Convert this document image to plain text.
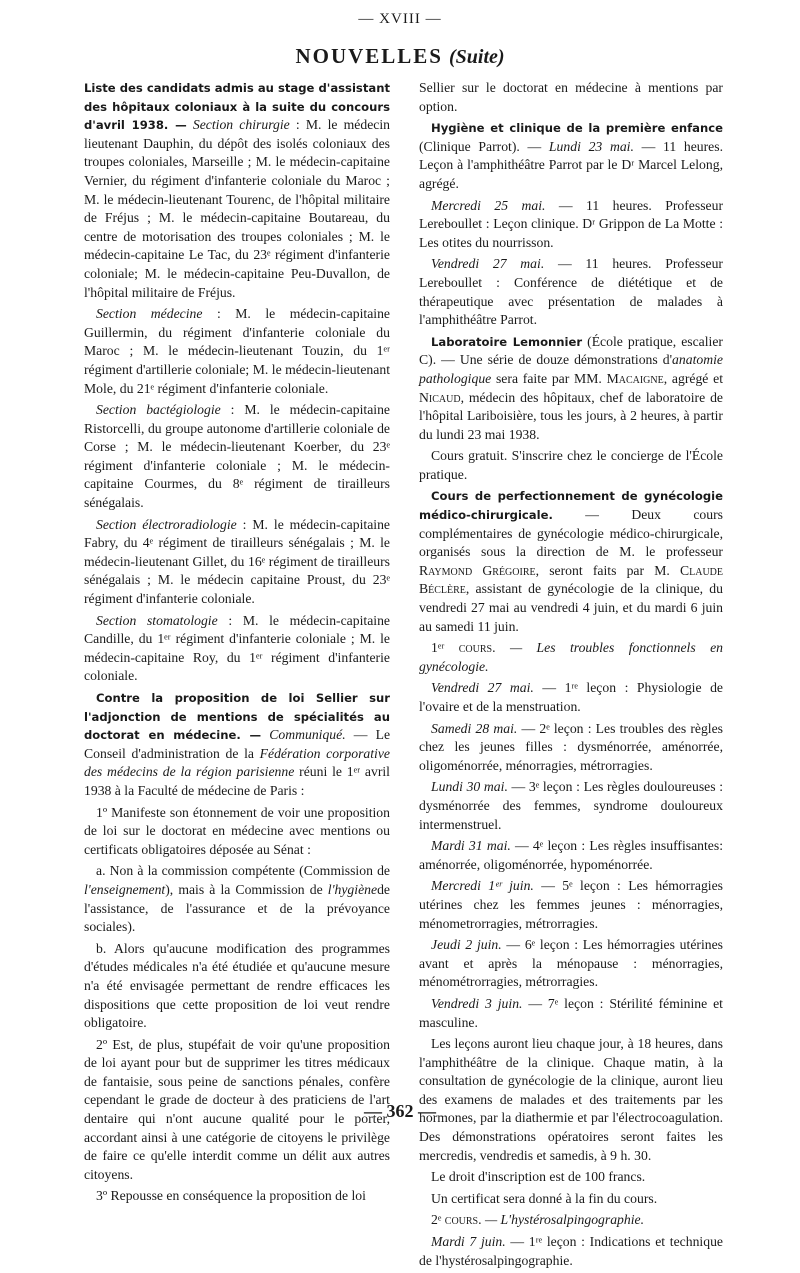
— XVIII —
NOUVELLES (Suite)

Liste des candidats admis au stage d'assistant des hôpitaux coloniaux à la suite du concours d'avril 1938. — Section chirurgie : M. le médecin lieutenant Dauphin, du dépôt des isolés coloniaux des troupes coloniales, Marseille ; M. le médecin-capitaine Vernier, du régiment d'infanterie coloniale du Maroc ; M. le médecin-lieutenant Tourenc, de l'hôpital militaire de Fréjus ; M. le médecin-capitaine Boutareau, du centre de motorisation des troupes coloniales ; M. le médecin-capitaine Le Tac, du 23ᵉ régiment d'infanterie coloniale; M. le médecin-capitaine Peu-Duvallon, de l'hôpital militaire de Fréjus.

Section médecine : M. le médecin-capitaine Guillermin, du régiment d'infanterie coloniale du Maroc ; M. le médecin-lieutenant Touzin, du 1ᵉʳ régiment d'artillerie coloniale; M. le médecin-lieutenant Mole, du 21ᵉ régiment d'infanterie coloniale.

Section bactégiologie : M. le médecin-capitaine Ristorcelli, du groupe autonome d'artillerie coloniale de Corse ; M. le médecin-lieutenant Koerber, du 23ᵉ régiment d'infanterie coloniale ; M. le médecin-capitaine Courmes, du 8ᵉ régiment de tirailleurs sénégalais.

Section électroradiologie : M. le médecin-capitaine Fabry, du 4ᵉ régiment de tirailleurs sénégalais ; M. le médecin-lieutenant Gillet, du 16ᵉ régiment de tirailleurs sénégalais ; M. le médecin capitaine Proust, du 23ᵉ régiment d'infanterie coloniale.

Section stomatologie : M. le médecin-capitaine Candille, du 1ᵉʳ régiment d'infanterie coloniale ; M. le médecin-capitaine Roy, du 1ᵉʳ régiment d'infanterie coloniale.

Contre la proposition de loi Sellier sur l'adjonction de mentions de spécialités au doctorat en médecine. — Communiqué. — Le Conseil d'administration de la Fédération corporative des médecins de la région parisienne réuni le 1ᵉʳ avril 1938 à la Faculté de médecine de Paris :

1º Manifeste son étonnement de voir une proposition de loi sur le doctorat en médecine avec mentions ou certificats obligatoires déposée au Sénat :

a. Non à la commission compétente (Commission de l'enseignement), mais à la Commission de l'hygiènede l'assistance, de l'assurance et de la prévoyance sociales).

b. Alors qu'aucune modification des programmes d'études médicales n'a été étudiée et qu'aucune mesure n'a été envisagée permettant de rendre efficaces les dispositions que cette proposition de loi veut rendre obligatoire.

2º Est, de plus, stupéfait de voir qu'une proposition de loi ayant pour but de supprimer les titres médicaux de fantaisie, sous peine de sanctions pénales, confère cependant le grade de docteur à des praticiens de l'art dentaire qui n'ont aucune qualité pour le porter, accordant ainsi à une catégorie de citoyens le privilège de faire ce qu'elle interdit comme un délit aux autres citoyens.

3º Repousse en conséquence la proposition de loi

Sellier sur le doctorat en médecine à mentions par option.

Hygiène et clinique de la première enfance (Clinique Parrot). — Lundi 23 mai. — 11 heures. Leçon à l'amphithéâtre Parrot par le Dʳ Marcel Lelong, agrégé.

Mercredi 25 mai. — 11 heures. Professeur Lereboullet : Leçon clinique. Dʳ Grippon de La Motte : Les otites du nourrisson.

Vendredi 27 mai. — 11 heures. Professeur Lereboullet : Conférence de diététique et de thérapeutique avec présentation de malades à l'amphithéâtre Parrot.

Laboratoire Lemonnier (École pratique, escalier C). — Une série de douze démonstrations d'anatomie pathologique sera faite par MM. Macaigne, agrégé et Nicaud, médecin des hôpitaux, chef de laboratoire de l'hôpital Lariboisière, tous les jours, à 2 heures, à partir du lundi 23 mai 1938.

Cours gratuit. S'inscrire chez le concierge de l'École pratique.

Cours de perfectionnement de gynécologie médico-chirurgicale. — Deux cours complémentaires de gynécologie médico-chirurgicale, organisés sous la direction de M. le professeur Raymond Grégoire, seront faits par M. Claude Béclère, assistant de gynécologie de la clinique, du vendredi 27 mai au vendredi 4 juin, et du mardi 6 juin au samedi 11 juin.

1ᵉʳ cours. — Les troubles fonctionnels en gynécologie.

Vendredi 27 mai. — 1ʳᵉ leçon : Physiologie de l'ovaire et de la menstruation.

Samedi 28 mai. — 2ᵉ leçon : Les troubles des règles chez les jeunes filles : dysménorrée, aménorrée, oligoménorrée, ménorragies, métrorragies.

Lundi 30 mai. — 3ᵉ leçon : Les règles douloureuses : dysménorrée des femmes, syndrome douloureux intermenstruel.

Mardi 31 mai. — 4ᵉ leçon : Les règles insuffisantes: aménorrée, oligoménorrée, hypoménorrée.

Mercredi 1ᵉʳ juin. — 5ᵉ leçon : Les hémorragies utérines chez les femmes jeunes : ménorragies, ménometrorragies, métrorragies.

Jeudi 2 juin. — 6ᵉ leçon : Les hémorragies utérines avant et après la ménopause : ménorragies, ménométrorragies, métrorragies.

Vendredi 3 juin. — 7ᵉ leçon : Stérilité féminine et masculine.

Les leçons auront lieu chaque jour, à 18 heures, dans l'amphithéâtre de la clinique. Chaque matin, à la consultation de gynécologie de la clinique, auront lieu des examens de malades et des traitements par les hormones, par la diathermie et par l'électrocoagulation. Des démonstrations opératoires seront faites les mercredis, vendredis et samedis, à 9 h. 30.

Le droit d'inscription est de 100 francs.

Un certificat sera donné à la fin du cours.

2ᵉ cours. — L'hystérosalpingographie.

Mardi 7 juin. — 1ʳᵉ leçon : Indications et technique de l'hystérosalpingographie.

— 362 —
